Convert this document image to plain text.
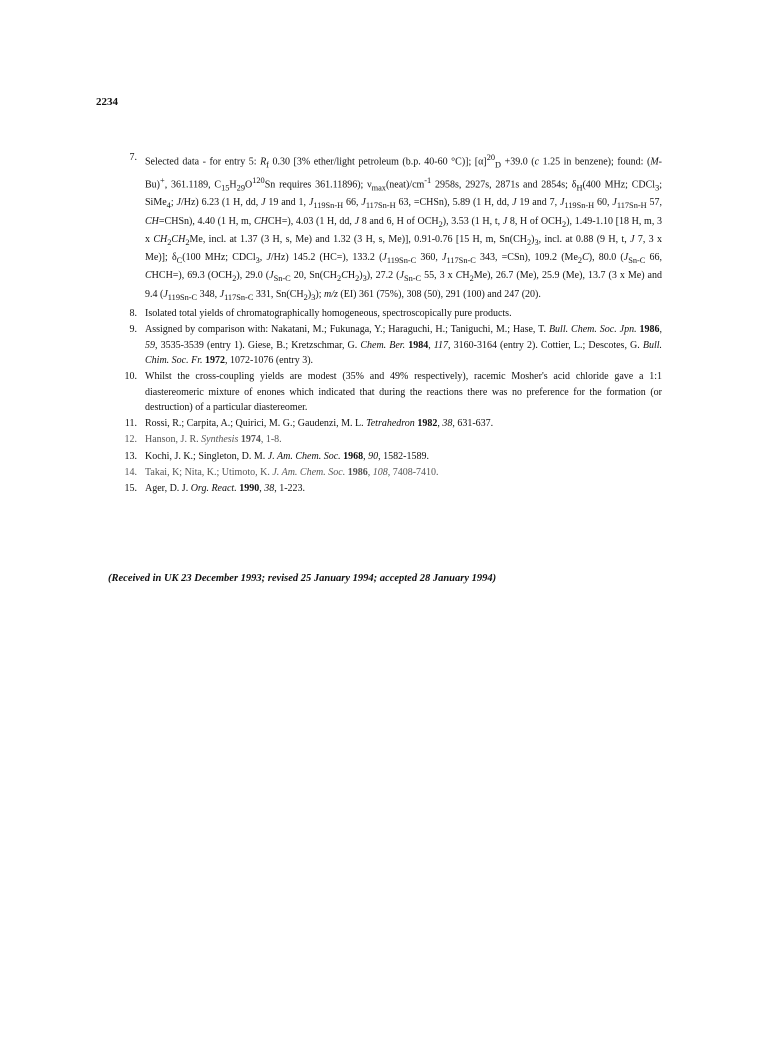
2234
7. Selected data - for entry 5: $R_f$ 0.30 [3% ether/light petroleum (b.p. 40-60 °C)]; $[\alpha]^{20}_D +39.0$ (c 1.25 in benzene); found: (M-Bu)+, 361.1189, $C_{15}H_{29}O^{120}Sn$ requires 361.11896); $\nu_{max}(neat)/cm^{-1}$ 2958s, 2927s, 2871s and 2854s; $\delta_H(400$ MHz; CDCl$_3$; SiMe$_4$; J/Hz) 6.23 (1 H, dd, J 19 and 1, $J_{119Sn-H}$ 66, $J_{117Sn-H}$ 63, =CHSn), 5.89 (1 H, dd, J 19 and 7, $J_{119Sn-H}$ 60, $J_{117Sn-H}$ 57, CH=CHSn), 4.40 (1 H, m, CHCH=), 4.03 (1 H, dd, J 8 and 6, H of $OCH_2$), 3.53 (1 H, t, J 8, H of $OCH_2$), 1.49-1.10 [18 H, m, 3 x $CH_2CH_2Me$, incl. at 1.37 (3 H, s, Me) and 1.32 (3 H, s, Me)], 0.91-0.76 [15 H, m, $Sn(CH_2)_3$, incl. at 0.88 (9 H, t, J 7, 3 x Me)]; $\delta_C(100$ MHz; CDCl$_3$, J/Hz) 145.2 (HC=), 133.2 ($J_{119Sn-C}$ 360, $J_{117Sn-C}$ 343, =CSn), 109.2 $(Me_2C)$, 80.0 ($J_{Sn-C}$ 66, CHCH=), 69.3 $(OCH_2)$, 29.0 ($J_{Sn-C}$ 20, $Sn(CH_2CH_2)_3$), 27.2 ($J_{Sn-C}$ 55, 3 x $CH_2Me$), 26.7 (Me), 25.9 (Me), 13.7 (3 x Me) and 9.4 ($J_{119Sn-C}$ 348, $J_{117Sn-C}$ 331, $Sn(CH_2)_3$); m/z (EI) 361 (75%), 308 (50), 291 (100) and 247 (20).
8. Isolated total yields of chromatographically homogeneous, spectroscopically pure products.
9. Assigned by comparison with: Nakatani, M.; Fukunaga, Y.; Haraguchi, H.; Taniguchi, M.; Hase, T. Bull. Chem. Soc. Jpn. 1986, 59, 3535-3539 (entry 1). Giese, B.; Kretzschmar, G. Chem. Ber. 1984, 117, 3160-3164 (entry 2). Cottier, L.; Descotes, G. Bull. Chim. Soc. Fr. 1972, 1072-1076 (entry 3).
10. Whilst the cross-coupling yields are modest (35% and 49% respectively), racemic Mosher's acid chloride gave a 1:1 diastereomeric mixture of enones which indicated that during the reactions there was no preference for the formation (or destruction) of a particular diastereomer.
11. Rossi, R.; Carpita, A.; Quirici, M. G.; Gaudenzi, M. L. Tetrahedron 1982, 38, 631-637.
12. Hanson, J. R. Synthesis 1974, 1-8.
13. Kochi, J. K.; Singleton, D. M. J. Am. Chem. Soc. 1968, 90, 1582-1589.
14. Takai, K; Nita, K.; Utimoto, K. J. Am. Chem. Soc. 1986, 108, 7408-7410.
15. Ager, D. J. Org. React. 1990, 38, 1-223.
(Received in UK 23 December 1993; revised 25 January 1994; accepted 28 January 1994)
